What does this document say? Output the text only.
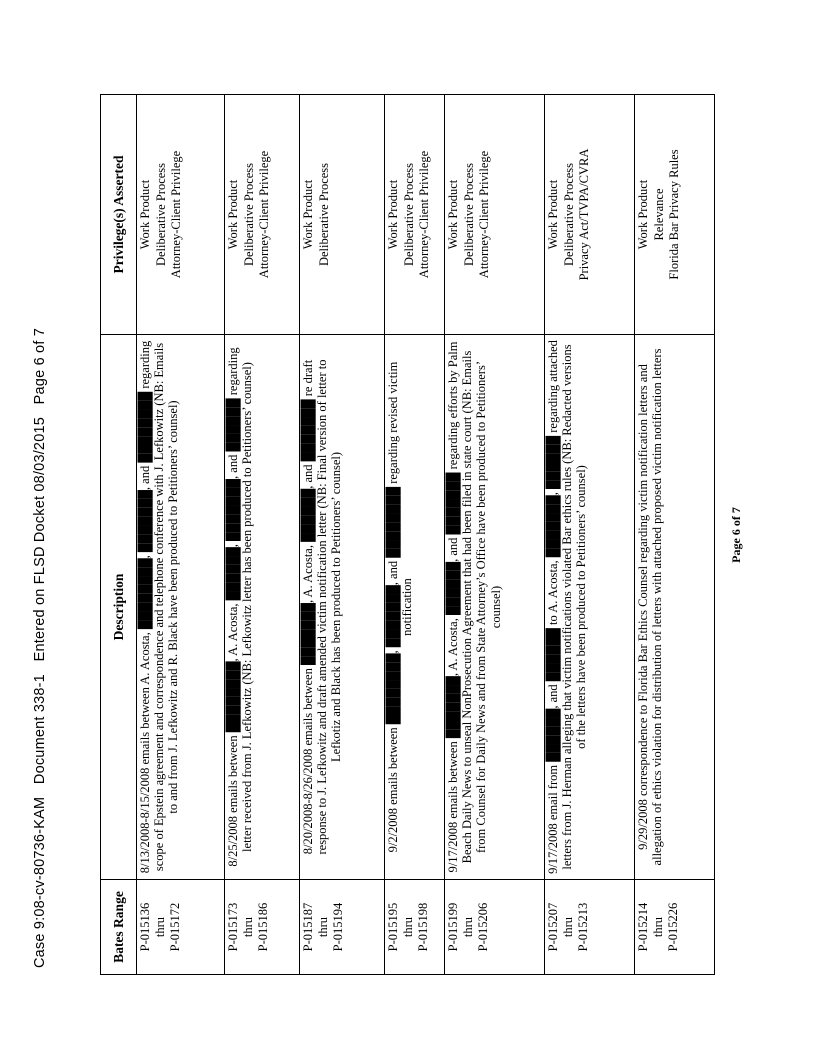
Case 9:08-cv-80736-KAM   Document 338-1   Entered on FLSD Docket 08/03/2015   Page 6 of 7	Bates Range	Description	Privilege(s) Asserted

P-015136 thru P-015172
	8/13/2008-8/15/2008 emails between A. Acosta, ████████, ███████, and ████████ regarding scope of Epstein agreement and correspondence and telephone conference with J. Lefkowitz (NB: Emails to and from J. Lefkowitz and R. Black have been produced to Petitioners’ counsel)	
Work Product Deliberative Process Attorney-Client Privilege

P-015173 thru P-015186
	8/25/2008 emails between ████████, A. Acosta, ██████, ███████, and ██████ regarding letter received from J. Lefkowitz (NB: Lefkowitz letter has been produced to Petitioners’ counsel)	
Work Product Deliberative Process Attorney-Client Privilege

P-015187 thru P-015194
	8/20/2008-8/26/2008 emails between ███████, A. Acosta, ██████, and ███████ re draft response to J. Lefkowitz and draft amended victim notification letter (NB: Final version of letter to Lefkotiz and Black has been produced to Petitioners’ counsel)	
Work Product Deliberative Process

P-015195 thru P-015198
	9/2/2008 emails between ████████, ███████, and ████████ regarding revised victim notification	
Work Product Deliberative Process Attorney-Client Privilege

P-015199 thru P-015206
	9/17/2008 emails between ███████, A. Acosta, ██████, and ███████ regarding efforts by Palm Beach Daily News to unseal NonProsecution Agreement that had been filed in state court (NB: Emails from Counsel for Daily News and from State Attorney’s Office have been produced to Petitioners’ counsel)	
Work Product Deliberative Process Attorney-Client Privilege

P-015207 thru P-015213
	9/17/2008 email from ██████, and ██████ to A. Acosta, ███████, ██████ regarding attached letters from J. Herman alleging that victim notifications violated Bar ethics rules (NB: Redacted versions of the letters have been produced to Petitioners’ counsel)	
Work Product Deliberative Process Privacy Act/TVPA/CVRA

P-015214 thru P-015226
	9/29/2008 correspondence to Florida Bar Ethics Counsel regarding victim notification letters and allegation of ethics violation for distribution of letters with attached proposed victim notification letters	
Work Product Relevance Florida Bar Privacy Rules
Page 6 of 7
